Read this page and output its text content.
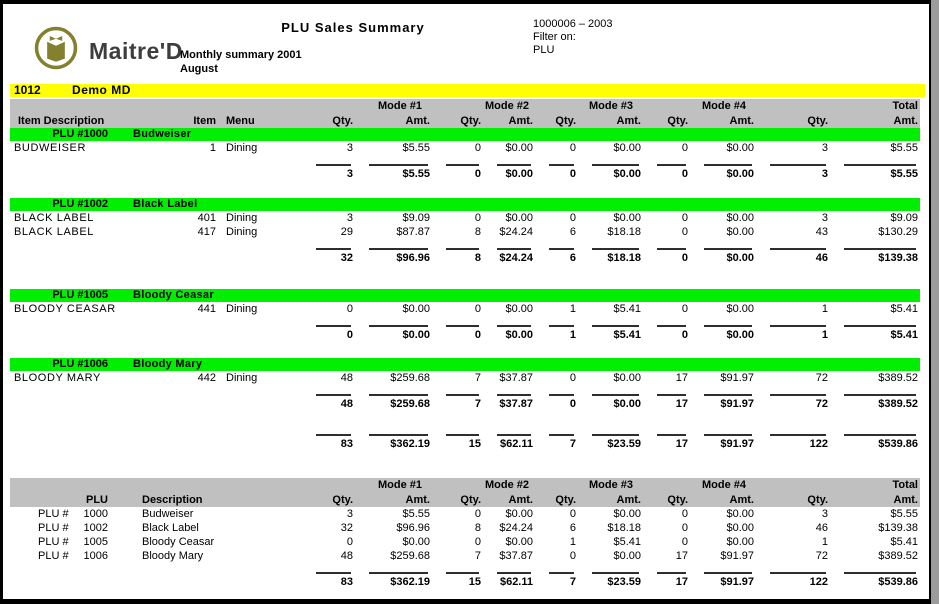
Maitre'D
PLU Sales Summary
Monthly summary 2001
August
1000006 – 2003
Filter on:
PLU
1012	Demo MD
				Mode #1		Mode #2		Mode #3		Mode #4		Total
Item Description	Item	Menu	Qty.	Amt.	Qty.	Amt.	Qty.	Amt.	Qty.	Amt.	Qty.	Amt.
PLU #1000 Budweiser												
BUDWEISER	1	Dining	3	$5.55	0	$0.00	0	$0.00	0	$0.00	3	$5.55

			3	$5.55	0	$0.00	0	$0.00	0	$0.00	3	$5.55

PLU #1002 Black Label												
BLACK LABEL	401	Dining	3	$9.09	0	$0.00	0	$0.00	0	$0.00	3	$9.09
BLACK LABEL	417	Dining	29	$87.87	8	$24.24	6	$18.18	0	$0.00	43	$130.29

			32	$96.96	8	$24.24	6	$18.18	0	$0.00	46	$139.38

PLU #1005 Bloody Ceasar												
BLOODY CEASAR	441	Dining	0	$0.00	0	$0.00	1	$5.41	0	$0.00	1	$5.41

			0	$0.00	0	$0.00	1	$5.41	0	$0.00	1	$5.41

PLU #1006 Bloody Mary												
BLOODY MARY	442	Dining	48	$259.68	7	$37.87	0	$0.00	17	$91.97	72	$389.52

			48	$259.68	7	$37.87	0	$0.00	17	$91.97	72	$389.52

			83	$362.19	15	$62.11	7	$23.59	17	$91.97	122	$539.86
			Mode #1		Mode #2		Mode #3		Mode #4		Total
PLU	Description	Qty.	Amt.	Qty.	Amt.	Qty.	Amt.	Qty.	Amt.	Qty.	Amt.

PLU # 1000	Budweiser	3	$5.55	0	$0.00	0	$0.00	0	$0.00	3	$5.55

PLU # 1002	Black Label	32	$96.96	8	$24.24	6	$18.18	0	$0.00	46	$139.38

PLU # 1005	Bloody Ceasar	0	$0.00	0	$0.00	1	$5.41	0	$0.00	1	$5.41

PLU # 1006	Bloody Mary	48	$259.68	7	$37.87	0	$0.00	17	$91.97	72	$389.52

		83	$362.19	15	$62.11	7	$23.59	17	$91.97	122	$539.86
